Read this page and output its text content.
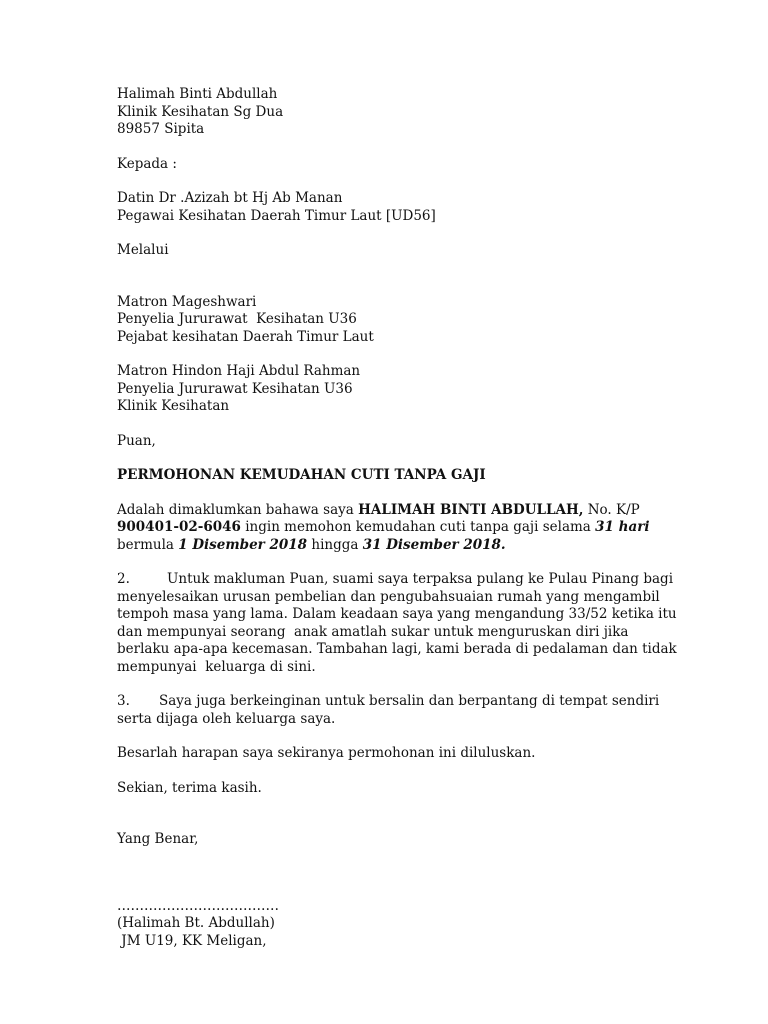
Halimah Binti Abdullah
Klinik Kesihatan Sg Dua
89857 Sipita
Kepada :
Datin Dr .Azizah bt Hj Ab Manan
Pegawai Kesihatan Daerah Timur Laut [UD56]
Melalui
Matron Mageshwari
Penyelia Jururawat  Kesihatan U36
Pejabat kesihatan Daerah Timur Laut
Matron Hindon Haji Abdul Rahman
Penyelia Jururawat Kesihatan U36
Klinik Kesihatan
Puan,
PERMOHONAN KEMUDAHAN CUTI TANPA GAJI
Adalah dimaklumkan bahawa saya HALIMAH BINTI ABDULLAH, No. K/P
900401-02-6046 ingin memohon kemudahan cuti tanpa gaji selama 31 hari
bermula 1 Disember 2018 hingga 31 Disember 2018.
2.	Untuk makluman Puan, suami saya terpaksa pulang ke Pulau Pinang bagi
menyelesaikan urusan pembelian dan pengubahsuaian rumah yang mengambil
tempoh masa yang lama. Dalam keadaan saya yang mengandung 33/52 ketika itu
dan mempunyai seorang  anak amatlah sukar untuk menguruskan diri jika
berlaku apa-apa kecemasan. Tambahan lagi, kami berada di pedalaman dan tidak
mempunyai  keluarga di sini.
3. Saya juga berkeinginan untuk bersalin dan berpantang di tempat sendiri
serta dijaga oleh keluarga saya.
Besarlah harapan saya sekiranya permohonan ini diluluskan.
Sekian, terima kasih.
Yang Benar,
………………………………
(Halimah Bt. Abdullah)
JM U19, KK Meligan,
